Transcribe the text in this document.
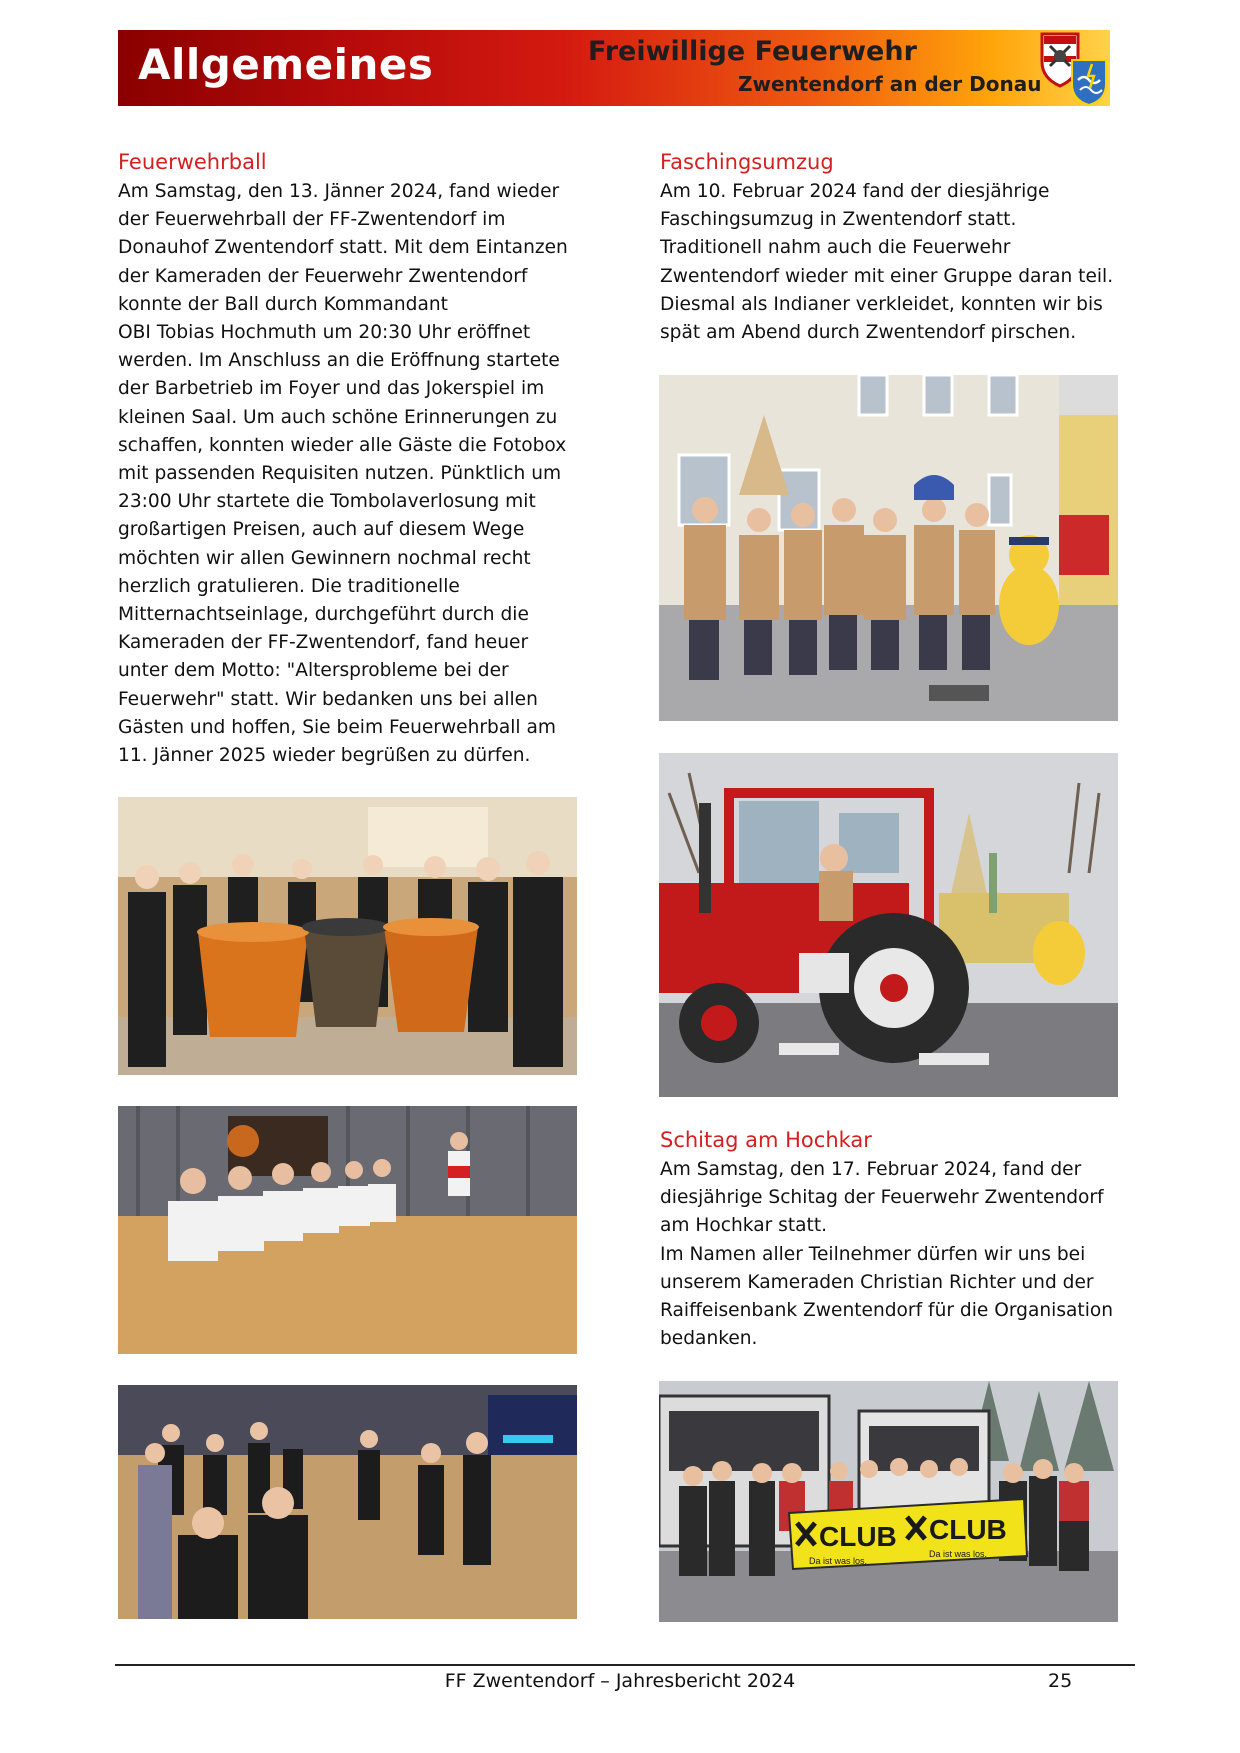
Allgemeines	Freiwillige Feuerwehr
Zwentendorf an der Donau
Feuerwehrball
Am Samstag, den 13. Jänner 2024, fand wieder
der Feuerwehrball der FF-Zwentendorf im
Donauhof Zwentendorf statt. Mit dem Eintanzen
der Kameraden der Feuerwehr Zwentendorf
konnte der Ball durch Kommandant
OBI Tobias Hochmuth um 20:30 Uhr eröffnet
werden. Im Anschluss an die Eröffnung startete
der Barbetrieb im Foyer und das Jokerspiel im
kleinen Saal. Um auch schöne Erinnerungen zu
schaffen, konnten wieder alle Gäste die Fotobox
mit passenden Requisiten nutzen. Pünktlich um
23:00 Uhr startete die Tombolaverlosung mit
großartigen Preisen, auch auf diesem Wege
möchten wir allen Gewinnern nochmal recht
herzlich gratulieren. Die traditionelle
Mitternachtseinlage, durchgeführt durch die
Kameraden der FF-Zwentendorf, fand heuer
unter dem Motto: "Altersprobleme bei der
Feuerwehr" statt. Wir bedanken uns bei allen
Gästen und hoffen, Sie beim Feuerwehrball am
11. Jänner 2025 wieder begrüßen zu dürfen.
Faschingsumzug
Am 10. Februar 2024 fand der diesjährige
Faschingsumzug in Zwentendorf statt.
Traditionell nahm auch die Feuerwehr
Zwentendorf wieder mit einer Gruppe daran teil.
Diesmal als Indianer verkleidet, konnten wir bis
spät am Abend durch Zwentendorf pirschen.
Schitag am Hochkar
Am Samstag, den 17. Februar 2024, fand der
diesjährige Schitag der Feuerwehr Zwentendorf
am Hochkar statt.
Im Namen aller Teilnehmer dürfen wir uns bei
unserem Kameraden Christian Richter und der
Raiffeisenbank Zwentendorf für die Organisation
bedanken.
CLUB CLUB
Da ist was los.
Da ist was los.
FF Zwentendorf – Jahresbericht 2024	25
